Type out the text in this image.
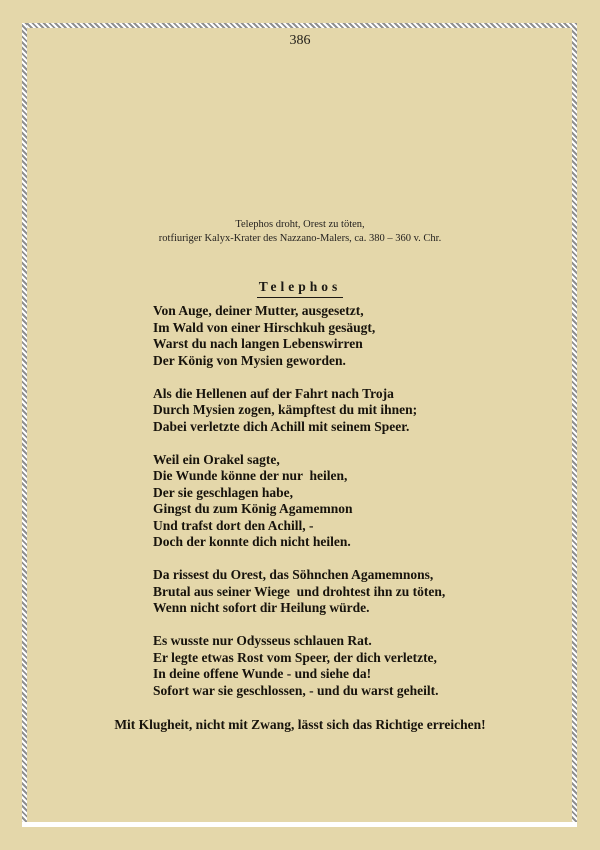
386
Telephos droht, Orest zu töten,
rotfiuriger Kalyx-Krater des Nazzano-Malers, ca. 380 – 360 v. Chr.
Telephos
Von Auge, deiner Mutter, ausgesetzt,
Im Wald von einer Hirschkuh gesäugt,
Warst du nach langen Lebenswirren
Der König von Mysien geworden.
Als die Hellenen auf der Fahrt nach Troja
Durch Mysien zogen, kämpftest du mit ihnen;
Dabei verletzte dich Achill mit seinem Speer.
Weil ein Orakel sagte,
Die Wunde könne der nur  heilen,
Der sie geschlagen habe,
Gingst du zum König Agamemnon
Und trafst dort den Achill, -
Doch der konnte dich nicht heilen.
Da rissest du Orest, das Söhnchen Agamemnons,
Brutal aus seiner Wiege  und drohtest ihn zu töten,
Wenn nicht sofort dir Heilung würde.
Es wusste nur Odysseus schlauen Rat.
Er legte etwas Rost vom Speer, der dich verletzte,
In deine offene Wunde - und siehe da!
Sofort war sie geschlossen, - und du warst geheilt.
Mit Klugheit, nicht mit Zwang, lässt sich das Richtige erreichen!
